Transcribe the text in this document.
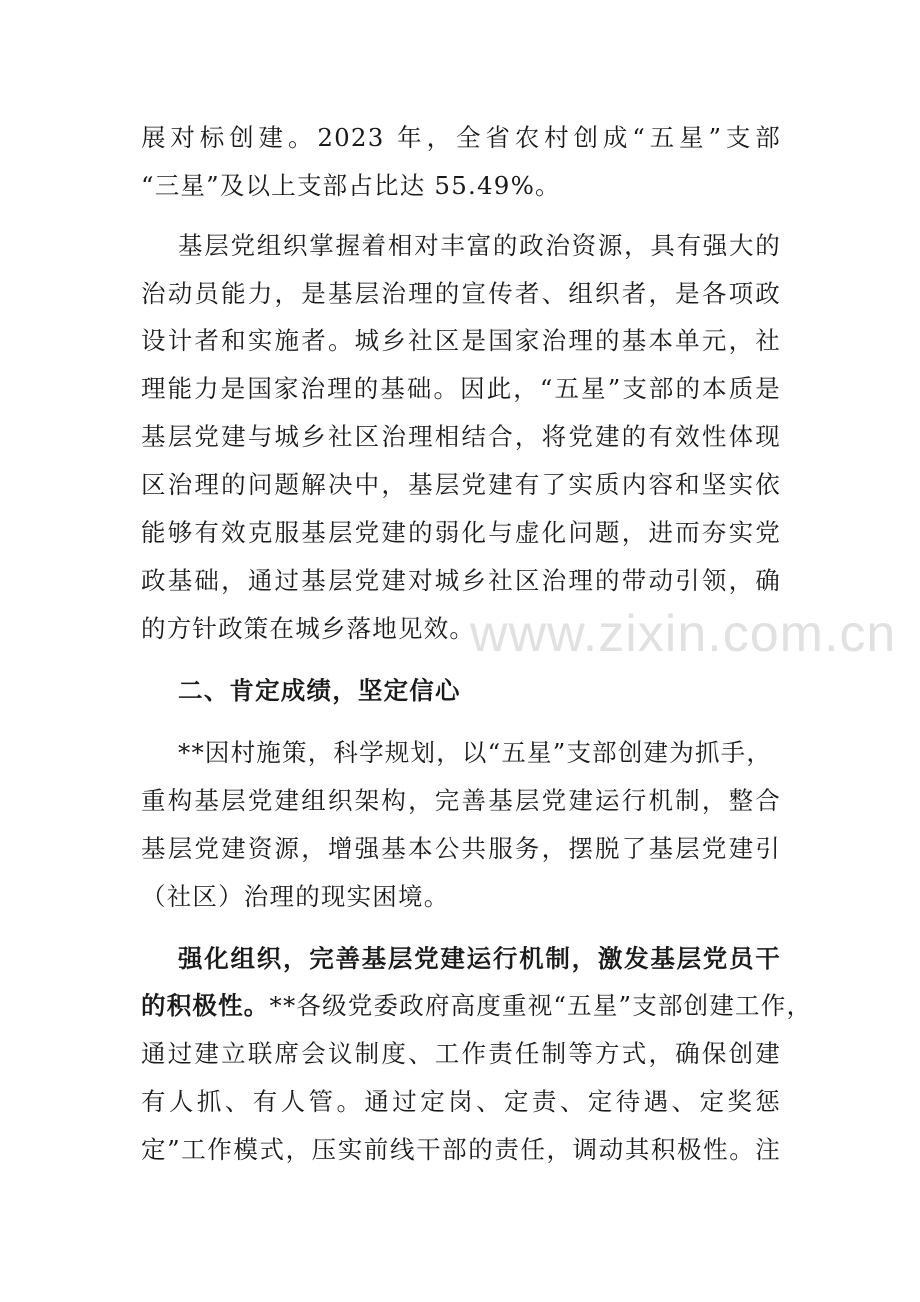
展对标创建。2023 年，全省农村创成“五星”支部
“三星”及以上支部占比达 55.49%。
基层党组织掌握着相对丰富的政治资源，具有强大的
治动员能力，是基层治理的宣传者、组织者，是各项政
设计者和实施者。城乡社区是国家治理的基本单元，社
理能力是国家治理的基础。因此，“五星”支部的本质是
基层党建与城乡社区治理相结合，将党建的有效性体现
区治理的问题解决中，基层党建有了实质内容和坚实依
能够有效克服基层党建的弱化与虚化问题，进而夯实党
政基础，通过基层党建对城乡社区治理的带动引领，确
的方针政策在城乡落地见效。
二、肯定成绩，坚定信心
**因村施策，科学规划，以“五星”支部创建为抓手，
重构基层党建组织架构，完善基层党建运行机制，整合
基层党建资源，增强基本公共服务，摆脱了基层党建引
（社区）治理的现实困境。
强化组织，完善基层党建运行机制，激发基层党员干
的积极性。**各级党委政府高度重视“五星”支部创建工作，
通过建立联席会议制度、工作责任制等方式，确保创建
有人抓、有人管。通过定岗、定责、定待遇、定奖惩
定”工作模式，压实前线干部的责任，调动其积极性。注
www.zixin.com.cn
